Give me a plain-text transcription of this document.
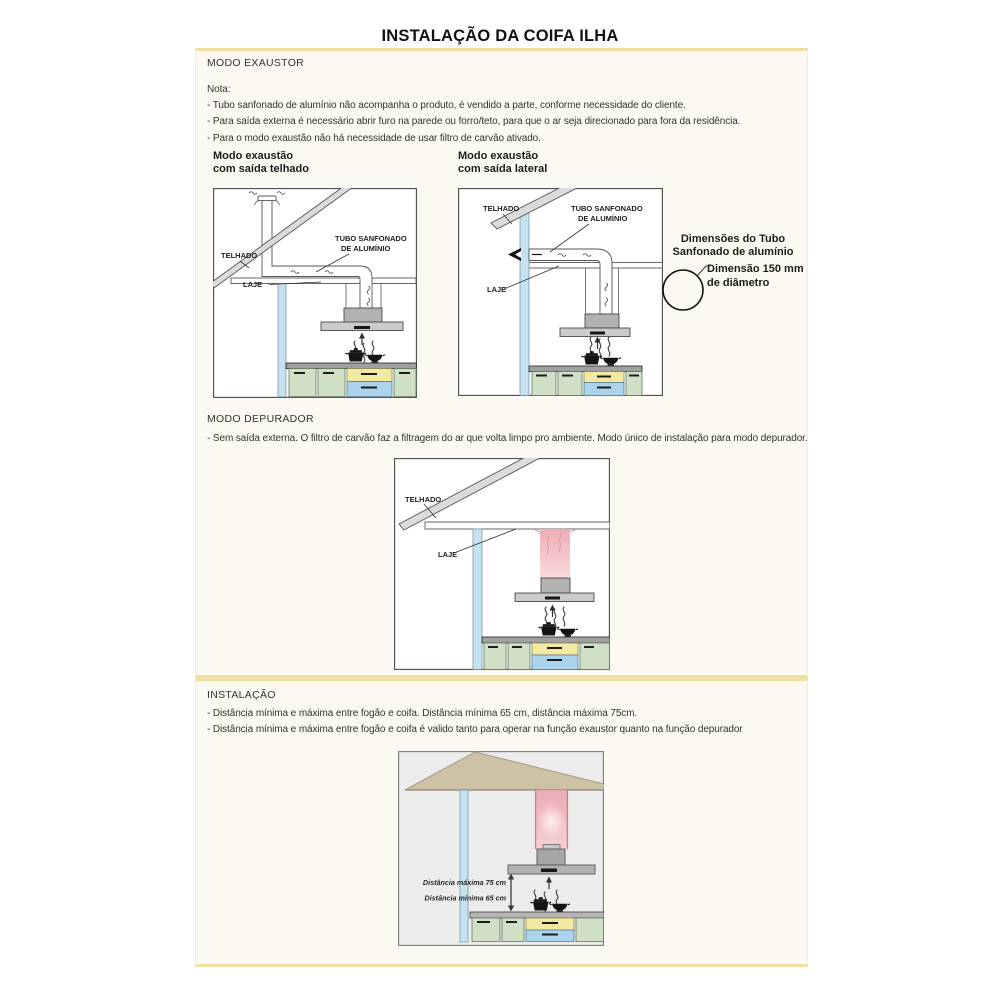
INSTALAÇÃO DA COIFA ILHA
MODO EXAUSTOR
Nota:
- Tubo sanfonado de alumínio não acompanha o produto, é vendido a parte, conforme necessidade do cliente.
- Para saída externa é necessário abrir furo na parede ou forro/teto, para que o ar seja direcionado para fora da residência.
- Para o modo exaustão não há necessidade de usar filtro de carvão ativado.
Modo exaustão
com saída telhado
TELHADO
TUBO SANFONADO
DE ALUMÍNIO
LAJE
Modo exaustão
com saída lateral
TELHADO	TUBO SANFONADO
DE ALUMÍNIO
LAJE
Dimensões do Tubo
Sanfonado de alumínio
Dimensão 150 mm
de diâmetro
MODO DEPURADOR
- Sem saída externa. O filtro de carvão faz a filtragem do ar que volta limpo pro ambiente. Modo único de instalação para modo depurador.
TELHADO
LAJE
INSTALAÇÃO
- Distância mínima e máxima entre fogão e coifa. Distância mínima 65 cm, distância máxima 75cm.
- Distância mínima e máxima entre fogão e coifa é valido tanto para operar na função exaustor quanto na função depurador
Distância máxima 75 cm
Distância mínima 65 cm
